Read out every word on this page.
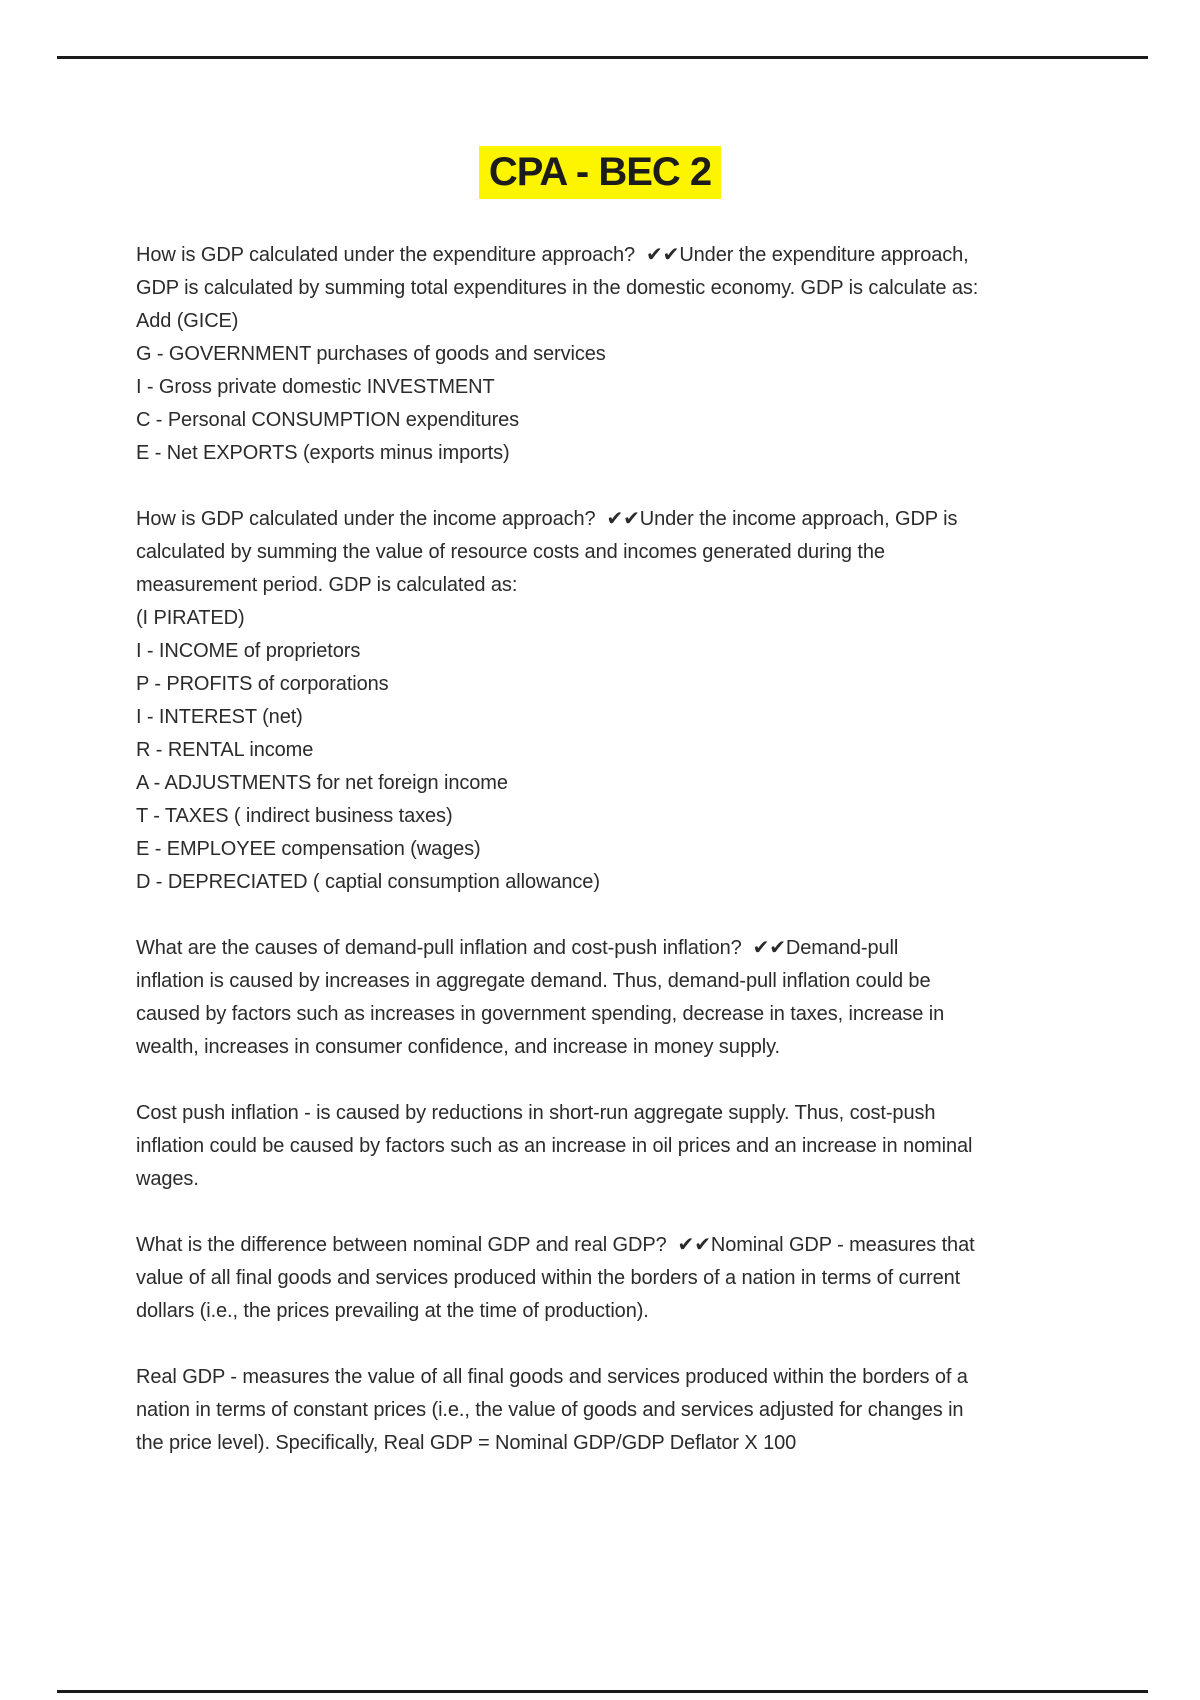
CPA - BEC 2
How is GDP calculated under the expenditure approach?  ✔✔Under the expenditure approach,
GDP is calculated by summing total expenditures in the domestic economy. GDP is calculate as:
Add (GICE)
G - GOVERNMENT purchases of goods and services
I - Gross private domestic INVESTMENT
C - Personal CONSUMPTION expenditures
E - Net EXPORTS (exports minus imports)
How is GDP calculated under the income approach?  ✔✔Under the income approach, GDP is
calculated by summing the value of resource costs and incomes generated during the
measurement period. GDP is calculated as:
(I PIRATED)
I - INCOME of proprietors
P - PROFITS of corporations
I - INTEREST (net)
R - RENTAL income
A - ADJUSTMENTS for net foreign income
T - TAXES ( indirect business taxes)
E - EMPLOYEE compensation (wages)
D - DEPRECIATED ( captial consumption allowance)
What are the causes of demand-pull inflation and cost-push inflation?  ✔✔Demand-pull
inflation is caused by increases in aggregate demand. Thus, demand-pull inflation could be
caused by factors such as increases in government spending, decrease in taxes, increase in
wealth, increases in consumer confidence, and increase in money supply.
Cost push inflation - is caused by reductions in short-run aggregate supply. Thus, cost-push
inflation could be caused by factors such as an increase in oil prices and an increase in nominal
wages.
What is the difference between nominal GDP and real GDP?  ✔✔Nominal GDP - measures that
value of all final goods and services produced within the borders of a nation in terms of current
dollars (i.e., the prices prevailing at the time of production).
Real GDP - measures the value of all final goods and services produced within the borders of a
nation in terms of constant prices (i.e., the value of goods and services adjusted for changes in
the price level). Specifically, Real GDP = Nominal GDP/GDP Deflator X 100
